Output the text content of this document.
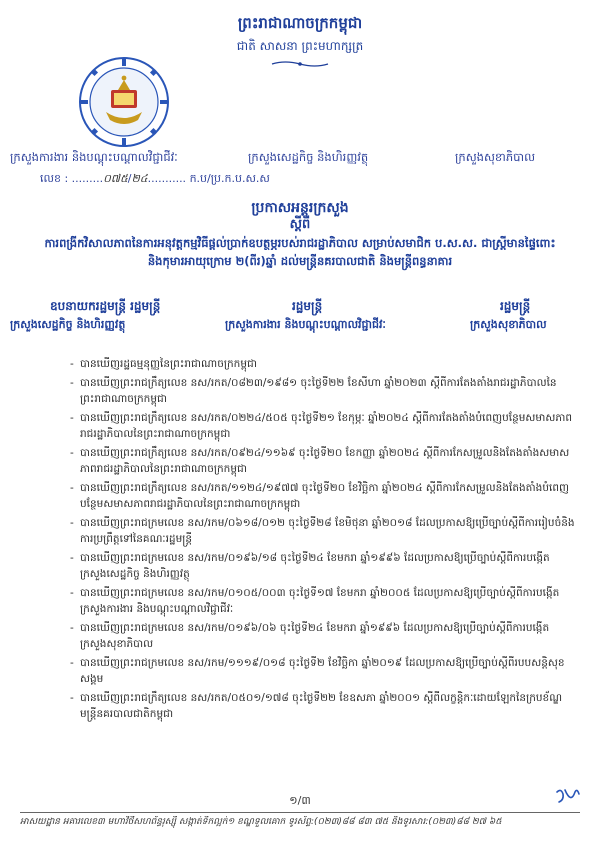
ព្រះរាជាណាចក្រកម្ពុជា
ជាតិ សាសនា ព្រះមហាក្សត្រ
ក្រសួងការងារ និងបណ្តុះបណ្តាលវិជ្ជាជីវៈ	ក្រសួងសេដ្ឋកិច្ច និងហិរញ្ញវត្ថុ	ក្រសួងសុខាភិបាល
លេខ : .........០៧៥/២៤........... ក.ប/ប្រ.ក.ប.ស.ស
ប្រកាសអន្តរក្រសួង
ស្តីពី
ការពង្រីកវិសាលភាពនៃការអនុវត្តកម្មវិធីផ្តល់ប្រាក់ឧបត្ថម្ភរបស់រាជរដ្ឋាភិបាល សម្រាប់សមាជិក ប.ស.ស. ជាស្ត្រីមានផ្ទៃពោះ និងកុមារអាយុក្រោម ២(ពីរ)ឆ្នាំ ដល់មន្ត្រីនគរបាលជាតិ និងមន្ត្រីពន្ធនាគារ
ឧបនាយករដ្ឋមន្ត្រី រដ្ឋមន្ត្រី	រដ្ឋមន្ត្រី	រដ្ឋមន្ត្រី
ក្រសួងសេដ្ឋកិច្ច និងហិរញ្ញវត្ថុ	ក្រសួងការងារ និងបណ្តុះបណ្តាលវិជ្ជាជីវៈ	ក្រសួងសុខាភិបាល
- បានឃើញរដ្ឋធម្មនុញ្ញនៃព្រះរាជាណាចក្រកម្ពុជា
- បានឃើញព្រះរាជក្រឹត្យលេខ នស/រកត/០៨២៣/១៩៨១ ចុះថ្ងៃទី២២ ខែសីហា ឆ្នាំ២០២៣ ស្តីពីការតែងតាំងរាជរដ្ឋាភិបាលនៃព្រះរាជាណាចក្រកម្ពុជា
- បានឃើញព្រះរាជក្រឹត្យលេខ នស/រកត/០២២៤/៥០៥ ចុះថ្ងៃទី២១ ខែកុម្ភៈ ឆ្នាំ២០២៤ ស្តីពីការតែងតាំងបំពេញបន្ថែមសមាសភាពរាជរដ្ឋាភិបាលនៃព្រះរាជាណាចក្រកម្ពុជា
- បានឃើញព្រះរាជក្រឹត្យលេខ នស/រកត/០៩២៤/១១៦៩ ចុះថ្ងៃទី២០ ខែកញ្ញា ឆ្នាំ២០២៤ ស្តីពីការកែសម្រួលនិងតែងតាំងសមាសភាពរាជរដ្ឋាភិបាលនៃព្រះរាជាណាចក្រកម្ពុជា
- បានឃើញព្រះរាជក្រឹត្យលេខ នស/រកត/១១២៤/១៩៧៧ ចុះថ្ងៃទី២០ ខែវិច្ឆិកា ឆ្នាំ២០២៤ ស្តីពីការកែសម្រួលនិងតែងតាំងបំពេញបន្ថែមសមាសភាពរាជរដ្ឋាភិបាលនៃព្រះរាជាណាចក្រកម្ពុជា
- បានឃើញព្រះរាជក្រមលេខ នស/រកម/០៦១៨/០១២ ចុះថ្ងៃទី២៨ ខែមិថុនា ឆ្នាំ២០១៨ ដែលប្រកាសឱ្យប្រើច្បាប់ស្តីពីការរៀបចំនិងការប្រព្រឹត្តទៅនៃគណៈរដ្ឋមន្ត្រី
- បានឃើញព្រះរាជក្រមលេខ នស/រកម/០១៩៦/១៨ ចុះថ្ងៃទី២៤ ខែមករា ឆ្នាំ១៩៩៦ ដែលប្រកាសឱ្យប្រើច្បាប់ស្តីពីការបង្កើតក្រសួងសេដ្ឋកិច្ច និងហិរញ្ញវត្ថុ
- បានឃើញព្រះរាជក្រមលេខ នស/រកម/០១០៥/០០៣ ចុះថ្ងៃទី១៧ ខែមករា ឆ្នាំ២០០៥ ដែលប្រកាសឱ្យប្រើច្បាប់ស្តីពីការបង្កើតក្រសួងការងារ និងបណ្តុះបណ្តាលវិជ្ជាជីវៈ
- បានឃើញព្រះរាជក្រមលេខ នស/រកម/០១៩៦/០៦ ចុះថ្ងៃទី២៤ ខែមករា ឆ្នាំ១៩៩៦ ដែលប្រកាសឱ្យប្រើច្បាប់ស្តីពីការបង្កើតក្រសួងសុខាភិបាល
- បានឃើញព្រះរាជក្រមលេខ នស/រកម/១១១៩/០១៨ ចុះថ្ងៃទី២ ខែវិច្ឆិកា ឆ្នាំ២០១៩ ដែលប្រកាសឱ្យប្រើច្បាប់ស្តីពីរបបសន្តិសុខសង្គម
- បានឃើញព្រះរាជក្រឹត្យលេខ នស/រកត/០៥០១/១៧៨ ចុះថ្ងៃទី២២ ខែឧសភា ឆ្នាំ២០០១ ស្តីពីលក្ខន្តិកៈដោយឡែកនៃក្របខ័ណ្ឌមន្ត្រីនគរបាលជាតិកម្ពុជា
១/៣
អាសយដ្ឋាន អគារលេខ៣ មហាវិថីសហព័ន្ធរុស្ស៊ី សង្កាត់ទឹកល្អក់១ ខណ្ឌទួលគោក ទូរស័ព្ទ:(០២៣)៨៨ ៨៣ ៧៥ និងទូរសារ:(០២៣)៨៨ ២៧ ៦៥
